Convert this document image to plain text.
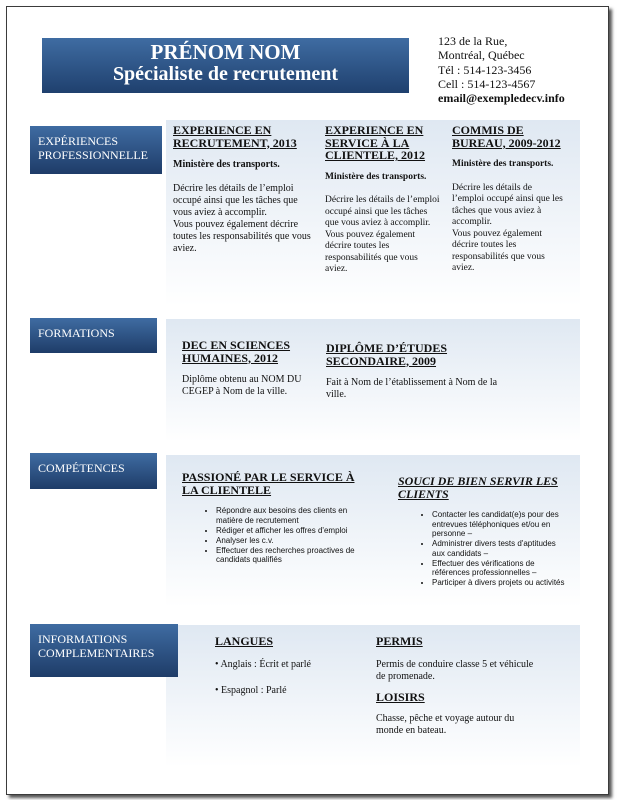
PRÉNOM NOM
Spécialiste de recrutement
123 de la Rue,
Montréal, Québec
Tél : 514-123-3456
Cell : 514-123-4567
email@exempledecv.info
EXPÉRIENCES
PROFESSIONNELLE
EXPERIENCE EN RECRUTEMENT, 2013
Ministère des transports.
Décrire les détails de l’emploi occupé ainsi que les tâches que vous aviez à accomplir.
Vous pouvez également décrire toutes les responsabilités que vous aviez.
EXPERIENCE EN SERVICE À LA CLIENTELE, 2012
Ministère des transports.
Décrire les détails de l’emploi occupé ainsi que les tâches que vous aviez à accomplir.
Vous pouvez également décrire toutes les responsabilités que vous aviez.
COMMIS DE BUREAU, 2009-2012
Ministère des transports.
Décrire les détails de l’emploi occupé ainsi que les tâches que vous aviez à accomplir.
Vous pouvez également décrire toutes les responsabilités que vous aviez.
FORMATIONS
DEC EN SCIENCES HUMAINES, 2012
Diplôme obtenu au NOM DU CEGEP à Nom de la ville.
DIPLÔME D’ÉTUDES SECONDAIRE, 2009
Fait à Nom de l’établissement à Nom de la ville.
COMPÉTENCES
PASSIONÉ PAR LE SERVICE À LA CLIENTELE
• Répondre aux besoins des clients en matière de recrutement
• Rédiger et afficher les offres d'emploi
• Analyser les c.v.
• Effectuer des recherches proactives de candidats qualifiés
SOUCI DE BIEN SERVIR LES CLIENTS
• Contacter les candidat(e)s pour des entrevues téléphoniques et/ou en personne –
• Administrer divers tests d'aptitudes aux candidats –
• Effectuer des vérifications de références professionnelles –
• Participer à divers projets ou activités
INFORMATIONS
COMPLEMENTAIRES
LANGUES
• Anglais : Écrit et parlé
• Espagnol : Parlé
PERMIS
Permis de conduire classe 5 et véhicule de promenade.
LOISIRS
Chasse, pêche et voyage autour du monde en bateau.
